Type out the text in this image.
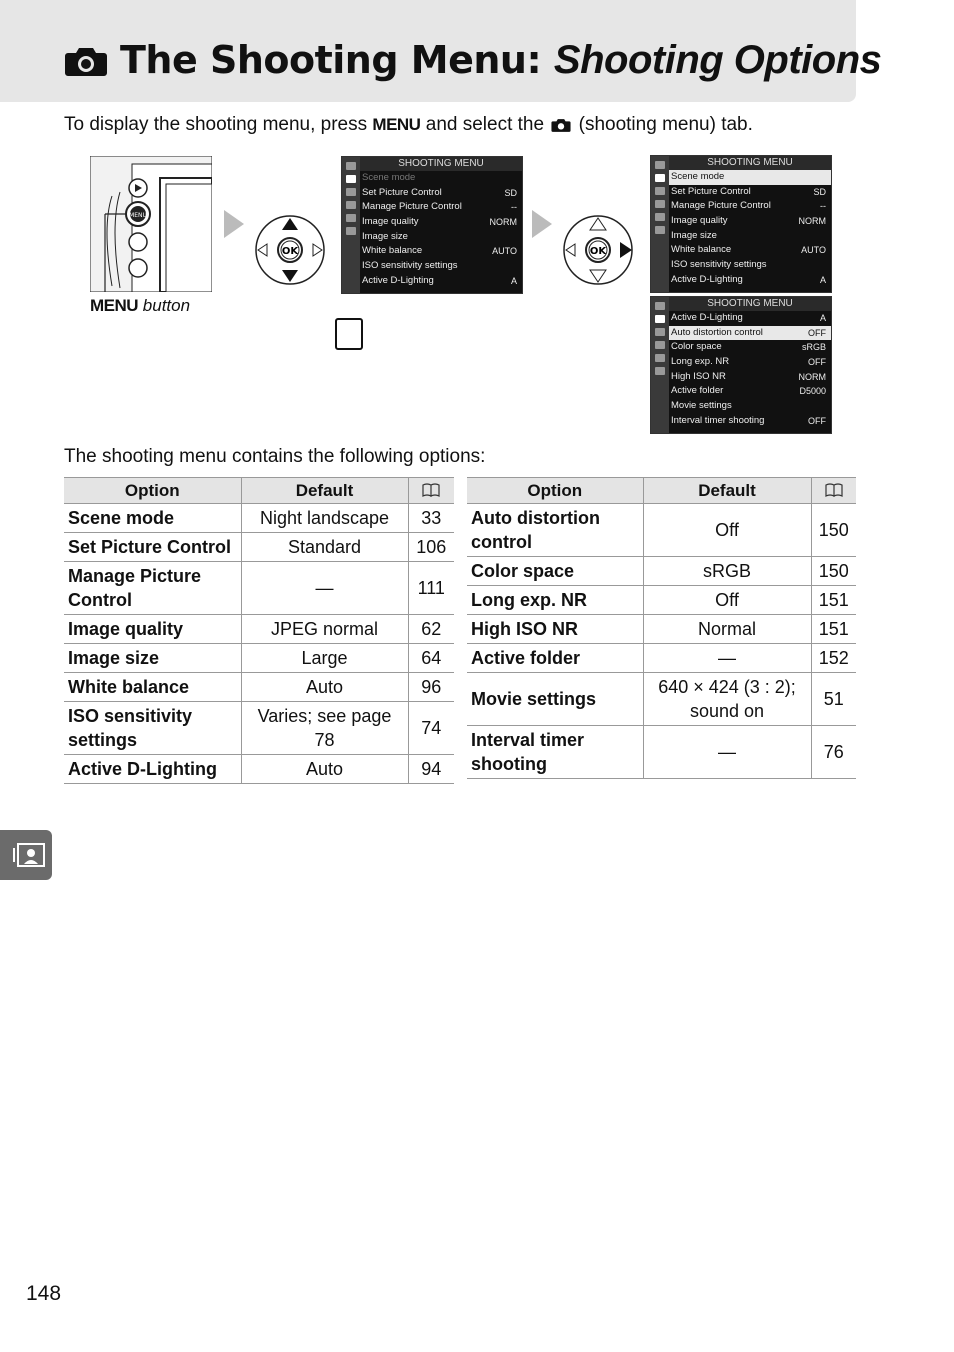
The Shooting Menu: Shooting Options
To display the shooting menu, press MENU and select the (shooting menu) tab.
MENU
MENU button
OK
SHOOTING MENU
Scene mode
Set Picture Control	SD
Manage Picture Control	--
Image quality	NORM
Image size
White balance	AUTO
ISO sensitivity settings
Active D-Lighting	A
OK
SHOOTING MENU
Scene mode
Set Picture Control	SD
Manage Picture Control	--
Image quality	NORM
Image size
White balance	AUTO
ISO sensitivity settings
Active D-Lighting	A
SHOOTING MENU
Active D-Lighting	A
Auto distortion control	OFF
Color space	sRGB
Long exp. NR	OFF
High ISO NR	NORM
Active folder	D5000
Movie settings
Interval timer shooting	OFF
The shooting menu contains the following options:
Option	Default	
Scene mode	Night landscape	33
Set Picture Control	Standard	106
Manage Picture Control	—	111
Image quality	JPEG normal	62
Image size	Large	64
White balance	Auto	96
ISO sensitivity settings	Varies; see page 78	74
Active D-Lighting	Auto	94
Option	Default	
Auto distortion control	Off	150
Color space	sRGB	150
Long exp. NR	Off	151
High ISO NR	Normal	151
Active folder	—	152
Movie settings	640 × 424 (3 : 2); sound on	51
Interval timer shooting	—	76
148
